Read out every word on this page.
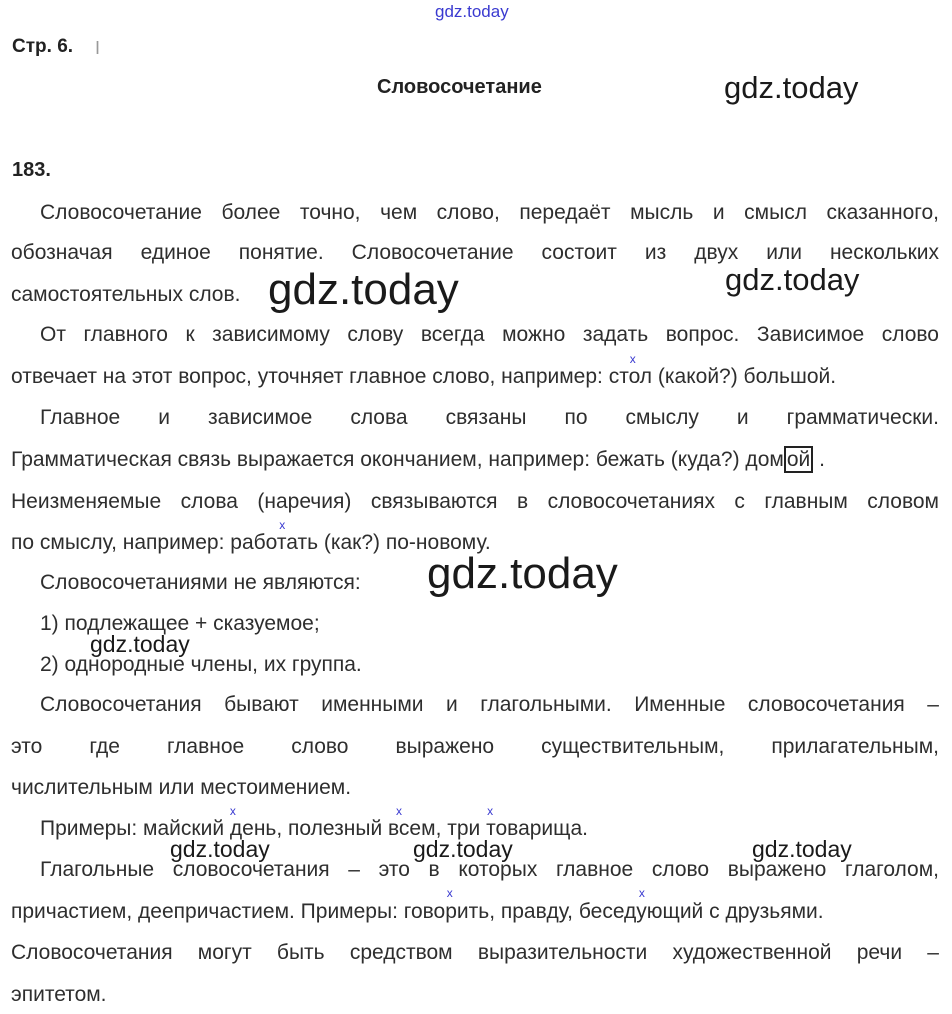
gdz.today
Стр. 6. I
Словосочетание
183.
Словосочетание более точно, чем слово, передаёт мысль и смысл сказанного,
обозначая единое понятие. Словосочетание состоит из двух или нескольких
самостоятельных слов.
От главного к зависимому слову всегда можно задать вопрос. Зависимое слово
отвечает на этот вопрос, уточняет главное слово, например: стол
x
(какой?) большой.
Главное и зависимое слова связаны по смыслу и грамматически.
Грамматическая связь выражается окончанием, например: бежать (куда?) дом ой .
Неизменяемые слова (наречия) связываются в словосочетаниях с главным словом
по смыслу, например: работать
x
(как?) по-новому.
Словосочетаниями не являются:
1) подлежащее + сказуемое;
2) однородные члены, их группа.
Словосочетания бывают именными и глагольными. Именные словосочетания –
это где главное слово выражено существительным, прилагательным,
числительным или местоимением.
Примеры: майский день
x
, полезный всем
x
, три товарища
x
.
Глагольные словосочетания – это в которых главное слово выражено глаголом,
причастием, деепричастием. Примеры: говорить
x
, правду, беседующий
x
с друзьями.
Словосочетания могут быть средством выразительности художественной речи –
эпитетом.
gdz.today
gdz.today
gdz.today
gdz.today
gdz.today
gdz.today	gdz.today	gdz.today
